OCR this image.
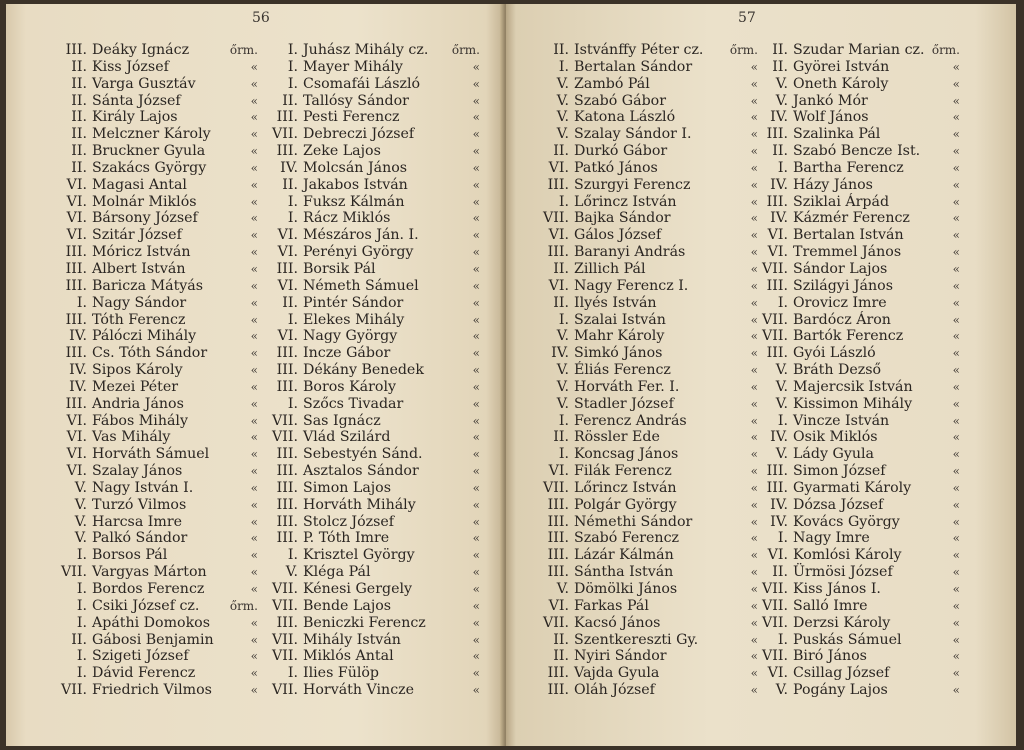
56
III. Deáky Ignácz	őrm.
II. Kiss József	«
II. Varga Gusztáv	«
II. Sánta József	«
II. Király Lajos	«
II. Melczner Károly	«
II. Bruckner Gyula	«
II. Szakács György	«
VI. Magasi Antal	«
VI. Molnár Miklós	«
VI. Bársony József	«
VI. Szitár József	«
III. Móricz István	«
III. Albert István	«
III. Baricza Mátyás	«
I. Nagy Sándor	«
III. Tóth Ferencz	«
IV. Pálóczi Mihály	«
III. Cs. Tóth Sándor	«
IV. Sipos Károly	«
IV. Mezei Péter	«
III. Andria János	«
VI. Fábos Mihály	«
VI. Vas Mihály	«
VI. Horváth Sámuel	«
VI. Szalay János	«
V. Nagy István I.	«
V. Turzó Vilmos	«
V. Harcsa Imre	«
V. Palkó Sándor	«
I. Borsos Pál	«
VII. Vargyas Márton	«
I. Bordos Ferencz	«
I. Csiki József cz.	őrm.
I. Apáthi Domokos	«
II. Gábosi Benjamin	«
I. Szigeti József	«
I. Dávid Ferencz	«
VII. Friedrich Vilmos	«
I. Juhász Mihály cz. őrm.
I. Mayer Mihály	«
I. Csomafái László	«
II. Tallósy Sándor	«
III. Pesti Ferencz	«
VII. Debreczi József	«
III. Zeke Lajos	«
IV. Molcsán János	«
II. Jakabos István	«
I. Fuksz Kálmán	«
I. Rácz Miklós	«
VI. Mészáros Ján. I.	«
VI. Perényi György	«
III. Borsik Pál	«
VI. Németh Sámuel	«
II. Pintér Sándor	«
I. Elekes Mihály	«
VI. Nagy György	«
III. Incze Gábor	«
III. Dékány Benedek	«
III. Boros Károly	«
I. Szőcs Tivadar	«
VII. Sas Ignácz	«
VII. Vlád Szilárd	«
III. Sebestyén Sánd.	«
III. Asztalos Sándor	«
III. Simon Lajos	«
III. Horváth Mihály	«
III. Stolcz József	«
III. P. Tóth Imre	«
I. Krisztel György	«
V. Kléga Pál	«
VII. Kénesi Gergely	«
VII. Bende Lajos	«
III. Beniczki Ferencz	«
VII. Mihály István	«
VII. Miklós Antal	«
I. Ilies Fülöp	«
VII. Horváth Vincze	«
57
II. Istvánffy Péter cz. őrm.
I. Bertalan Sándor	«
V. Zambó Pál	«
V. Szabó Gábor	«
V. Katona László	«
V. Szalay Sándor I.	«
II. Durkó Gábor	«
VI. Patkó János	«
III. Szurgyi Ferencz	«
I. Lőrincz István	«
VII. Bajka Sándor	«
VI. Gálos József	«
III. Baranyi András	«
II. Zillich Pál	«
VI. Nagy Ferencz I.	«
II. Ilyés István	«
I. Szalai István	«
V. Mahr Károly	«
IV. Simkó János	«
V. Éliás Ferencz	«
V. Horváth Fer. I.	«
V. Stadler József	«
I. Ferencz András	«
II. Rössler Ede	«
I. Koncsag János	«
VI. Filák Ferencz	«
VII. Lőrincz István	«
III. Polgár György	«
III. Némethi Sándor	«
III. Szabó Ferencz	«
III. Lázár Kálmán	«
III. Sántha István	«
V. Dömölki János	«
VI. Farkas Pál	«
VII. Kacsó János	«
II. Szentkereszti Gy.	«
II. Nyiri Sándor	«
III. Vajda Gyula	«
III. Oláh József	«
II. Szudar Marian cz. őrm.
II. Györei István	«
V. Oneth Károly	«
V. Jankó Mór	«
IV. Wolf János	«
III. Szalinka Pál	«
II. Szabó Bencze Ist.	«
I. Bartha Ferencz	«
IV. Házy János	«
III. Sziklai Árpád	«
IV. Kázmér Ferencz	«
VI. Bertalan István	«
VI. Tremmel János	«
VII. Sándor Lajos	«
III. Szilágyi János	«
I. Orovicz Imre	«
VII. Bardócz Áron	«
VII. Bartók Ferencz	«
III. Gyói László	«
V. Bráth Dezső	«
V. Majercsik István	«
V. Kissimon Mihály	«
I. Vincze István	«
IV. Osik Miklós	«
V. Lády Gyula	«
III. Simon József	«
III. Gyarmati Károly	«
IV. Dózsa József	«
IV. Kovács György	«
I. Nagy Imre	«
VI. Komlósi Károly	«
II. Ürmösi József	«
VII. Kiss János I.	«
VII. Salló Imre	«
VII. Derzsi Károly	«
I. Puskás Sámuel	«
VII. Biró János	«
VI. Csillag József	«
V. Pogány Lajos	«
